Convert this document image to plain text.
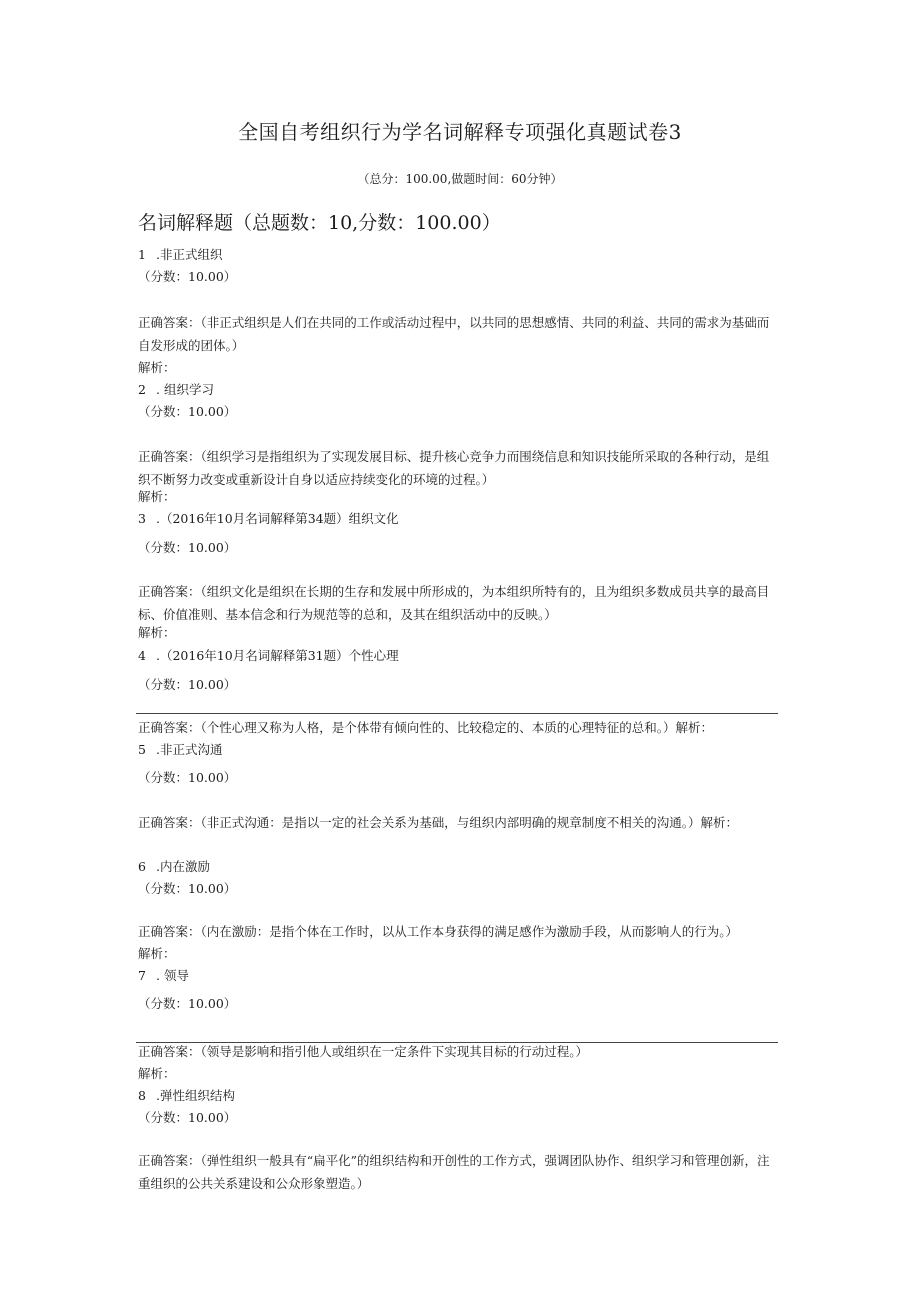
全国自考组织行为学名词解释专项强化真题试卷3
（总分：100.00,做题时间：60分钟）
名词解释题（总题数：10,分数：100.00）
1 .非正式组织
（分数：10.00）
正确答案：（非正式组织是人们在共同的工作或活动过程中，以共同的思想感情、共同的利益、共同的需求为基础而自发形成的团体。）
解析：
2 . 组织学习
（分数：10.00）
正确答案：（组织学习是指组织为了实现发展目标、提升核心竞争力而围绕信息和知识技能所采取的各种行动，是组织不断努力改变或重新设计自身以适应持续变化的环境的过程。）
解析：
3 .（2016年10月名词解释第34题）组织文化
（分数：10.00）
正确答案：（组织文化是组织在长期的生存和发展中所形成的，为本组织所特有的，且为组织多数成员共享的最高目标、价值准则、基本信念和行为规范等的总和，及其在组织活动中的反映。）
解析：
4 .（2016年10月名词解释第31题）个性心理
（分数：10.00）
正确答案：（个性心理又称为人格，是个体带有倾向性的、比较稳定的、本质的心理特征的总和。）解析：
5 .非正式沟通
（分数：10.00）
正确答案：（非正式沟通：是指以一定的社会关系为基础，与组织内部明确的规章制度不相关的沟通。）解析：
6 .内在激励
（分数：10.00）
正确答案：（内在激励：是指个体在工作时，以从工作本身获得的满足感作为激励手段，从而影响人的行为。）
解析：
7 . 领导
（分数：10.00）
正确答案：（领导是影响和指引他人或组织在一定条件下实现其目标的行动过程。）
解析：
8 .弹性组织结构
（分数：10.00）
正确答案：（弹性组织一般具有“扁平化”的组织结构和开创性的工作方式，强调团队协作、组织学习和管理创新，注重组织的公共关系建设和公众形象塑造。）
